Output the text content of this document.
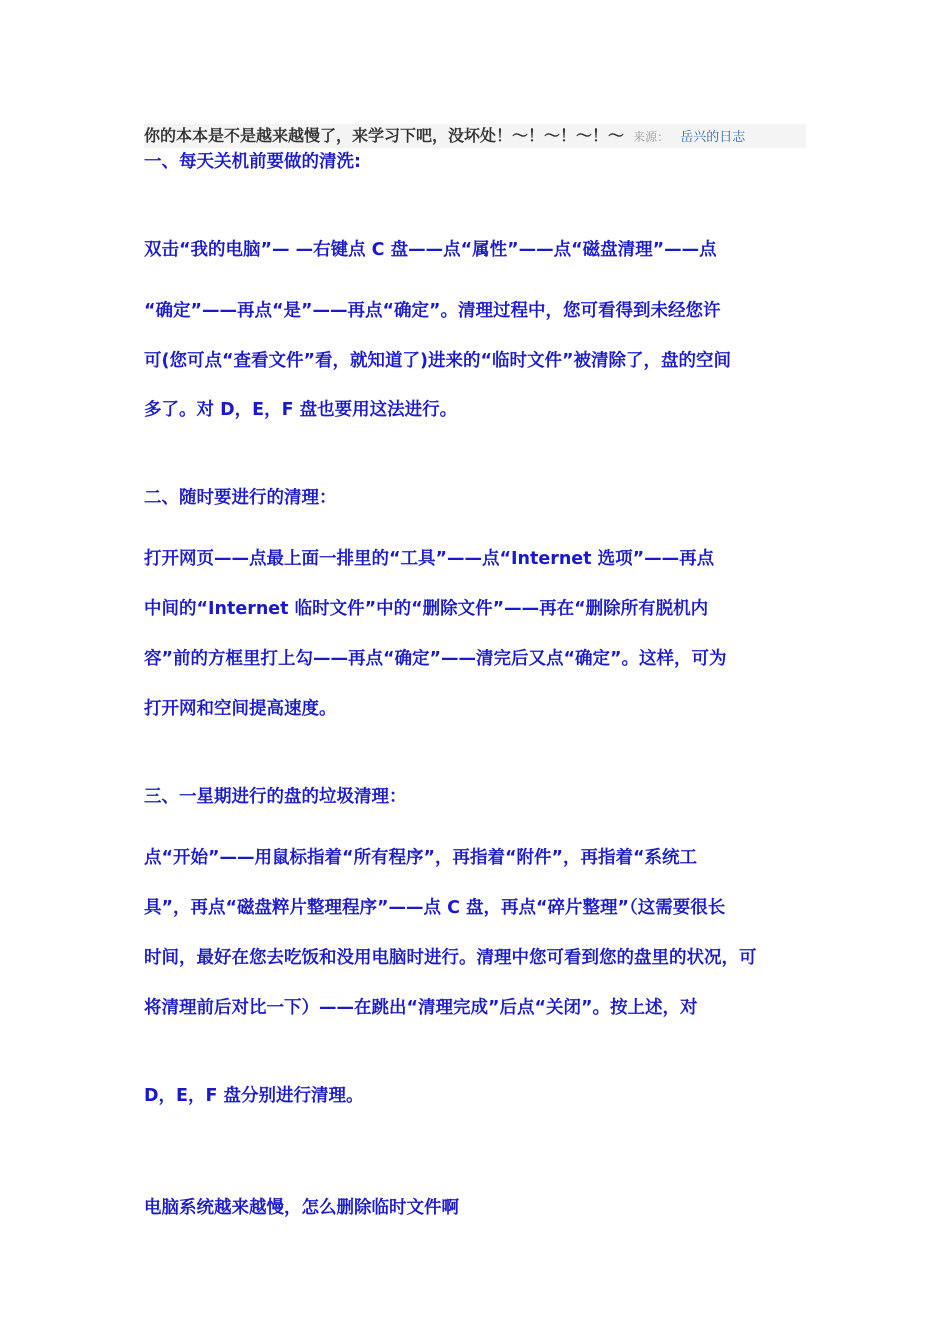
你的本本是不是越来越慢了，来学习下吧，没坏处！～！～！～！～ 来源： 岳兴的日志
一、每天关机前要做的清洗:
双击“我的电脑”— —右键点 C 盘——点“属性”——点“磁盘清理”——点
“确定”——再点“是”——再点“确定”。清理过程中，您可看得到未经您许
可(您可点“查看文件”看，就知道了)进来的“临时文件”被清除了，盘的空间
多了。对 D，E，F 盘也要用这法进行。
二、随时要进行的清理：
打开网页——点最上面一排里的“工具”——点“Internet 选项”——再点
中间的“Internet 临时文件”中的“删除文件”——再在“删除所有脱机内
容”前的方框里打上勾——再点“确定”——清完后又点“确定”。这样，可为
打开网和空间提高速度。
三、一星期进行的盘的垃圾清理：
点“开始”——用鼠标指着“所有程序”，再指着“附件”，再指着“系统工
具”，再点“磁盘粹片整理程序”——点 C 盘，再点“碎片整理”（这需要很长
时间，最好在您去吃饭和没用电脑时进行。清理中您可看到您的盘里的状况，可
将清理前后对比一下）——在跳出“清理完成”后点“关闭”。按上述，对
D，E，F 盘分别进行清理。
电脑系统越来越慢，怎么删除临时文件啊
